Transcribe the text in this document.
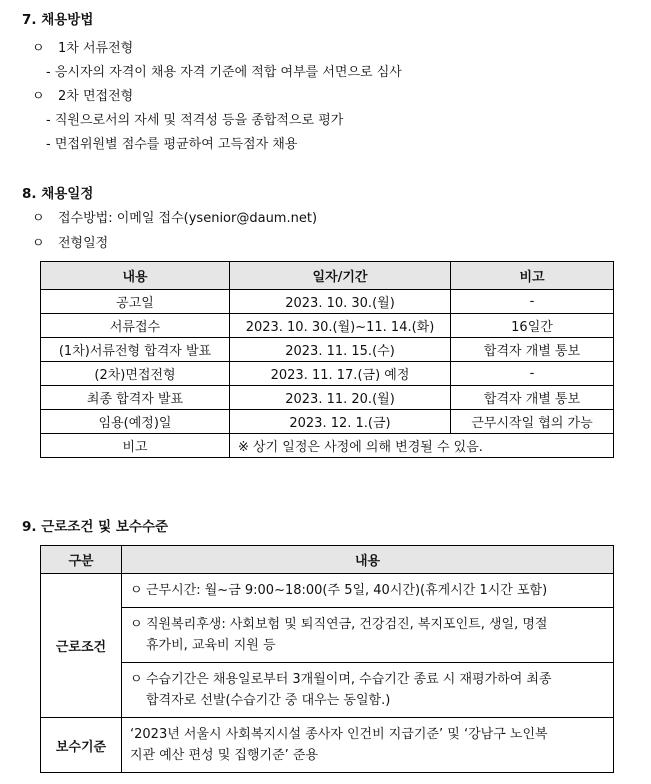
7. 채용방법
ㅇ 1차 서류전형
- 응시자의 자격이 채용 자격 기준에 적합 여부를 서면으로 심사
ㅇ 2차 면접전형
- 직원으로서의 자세 및 적격성 등을 종합적으로 평가
- 면접위원별 점수를 평균하여 고득점자 채용
8. 채용일정
ㅇ 접수방법: 이메일 접수(ysenior@daum.net)
ㅇ 전형일정
내용	일자/기간	비고
공고일	2023. 10. 30.(월)	-
서류접수	2023. 10. 30.(월)~11. 14.(화)	16일간
(1차)서류전형 합격자 발표	2023. 11. 15.(수)	합격자 개별 통보
(2차)면접전형	2023. 11. 17.(금) 예정	-
최종 합격자 발표	2023. 11. 20.(월)	합격자 개별 통보
임용(예정)일	2023. 12. 1.(금)	근무시작일 협의 가능
비고	※ 상기 일정은 사정에 의해 변경될 수 있음.	
9. 근로조건 및 보수수준
구분	내용
근로조건	ㅇ 근무시간: 월~금 9:00~18:00(주 5일, 40시간)(휴게시간 1시간 포함)
	ㅇ 직원복리후생: 사회보험 및 퇴직연금, 건강검진, 복지포인트, 생일, 명절
휴가비, 교육비 지원 등

	ㅇ 수습기간은 채용일로부터 3개월이며, 수습기간 종료 시 재평가하여 최종
합격자로 선발(수습기간 중 대우는 동일함.)

보수기준	‘2023년 서울시 사회복지시설 종사자 인건비 지급기준’ 및 ‘강남구 노인복
지관 예산 편성 및 집행기준’ 준용
